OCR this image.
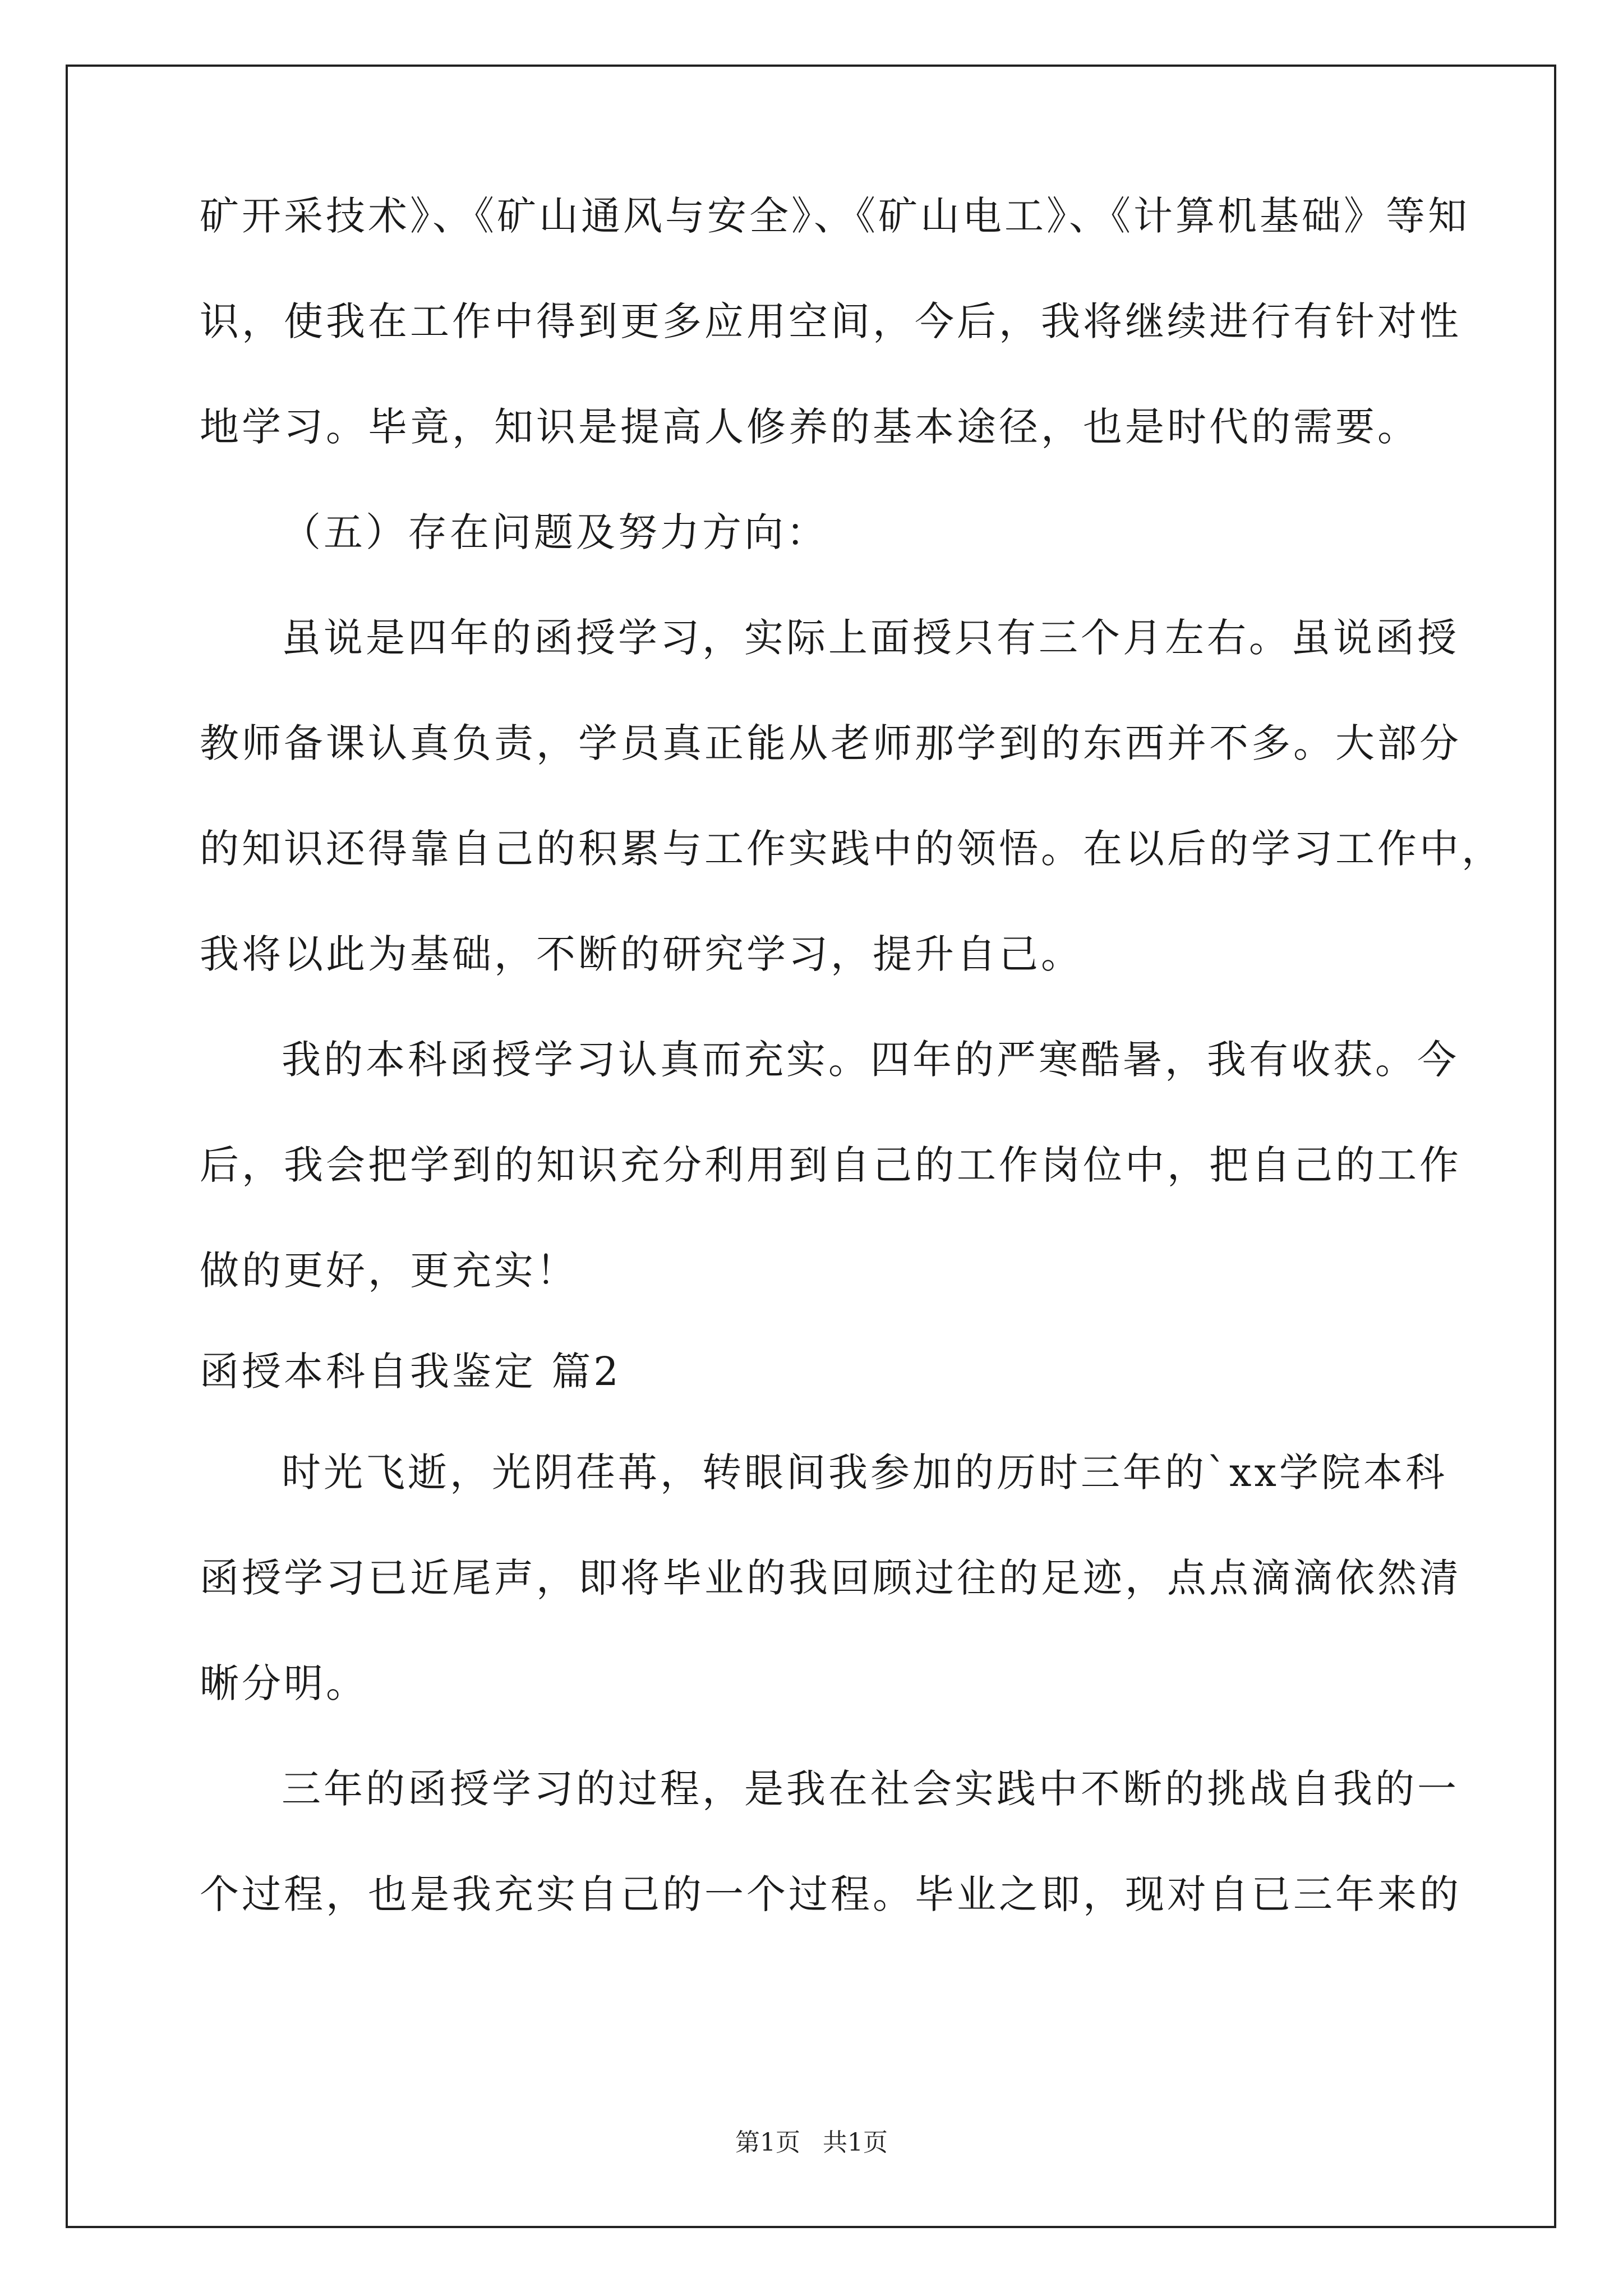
矿开采技术》、《矿山通风与安全》、《矿山电工》、《计算机基础》等知
识，使我在工作中得到更多应用空间，今后，我将继续进行有针对性
地学习。毕竟，知识是提高人修养的基本途径，也是时代的需要。
（五）存在问题及努力方向：
虽说是四年的函授学习，实际上面授只有三个月左右。虽说函授
教师备课认真负责，学员真正能从老师那学到的东西并不多。大部分
的知识还得靠自己的积累与工作实践中的领悟。在以后的学习工作中，
我将以此为基础，不断的研究学习，提升自己。
我的本科函授学习认真而充实。四年的严寒酷暑，我有收获。今
后，我会把学到的知识充分利用到自己的工作岗位中，把自己的工作
做的更好，更充实！
函授本科自我鉴定 篇2
时光飞逝，光阴荏苒，转眼间我参加的历时三年的`xx学院本科
函授学习已近尾声，即将毕业的我回顾过往的足迹，点点滴滴依然清
晰分明。
三年的函授学习的过程，是我在社会实践中不断的挑战自我的一
个过程，也是我充实自己的一个过程。毕业之即，现对自已三年来的
第1页 共1页
